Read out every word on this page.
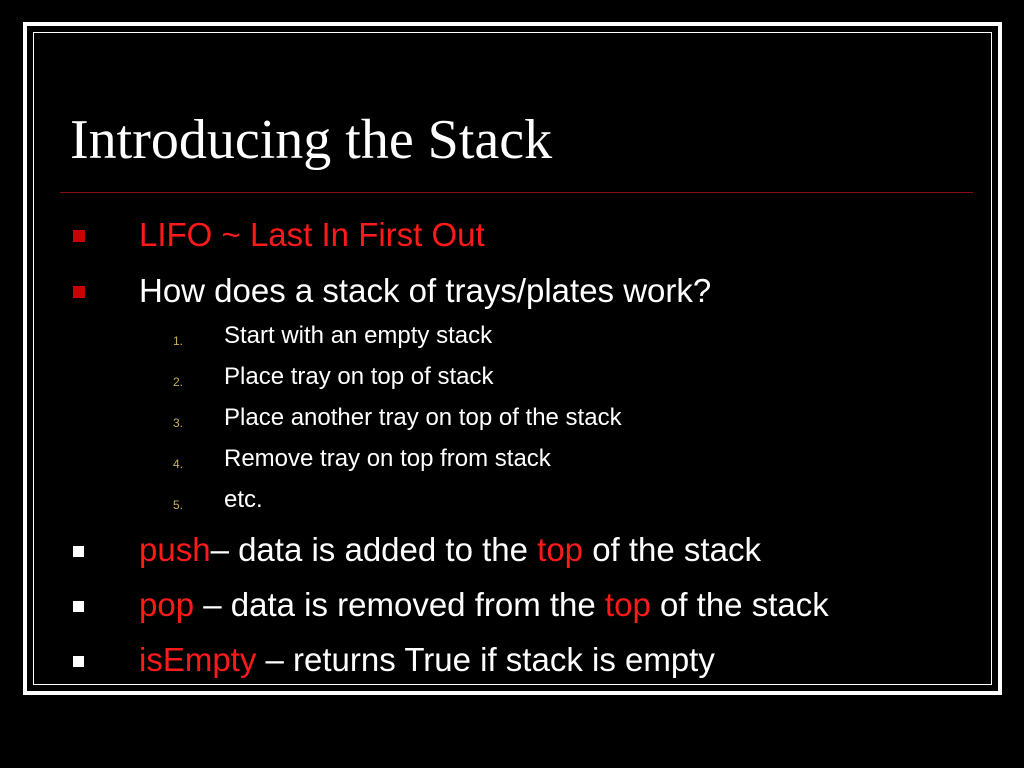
Introducing the Stack
LIFO ~ Last In First Out
How does a stack of trays/plates work?
1. Start with an empty stack
2. Place tray on top of stack
3. Place another tray on top of the stack
4. Remove tray on top from stack
5. etc.
push– data is added to the top of the stack
pop – data is removed from the top of the stack
isEmpty – returns True if stack is empty
